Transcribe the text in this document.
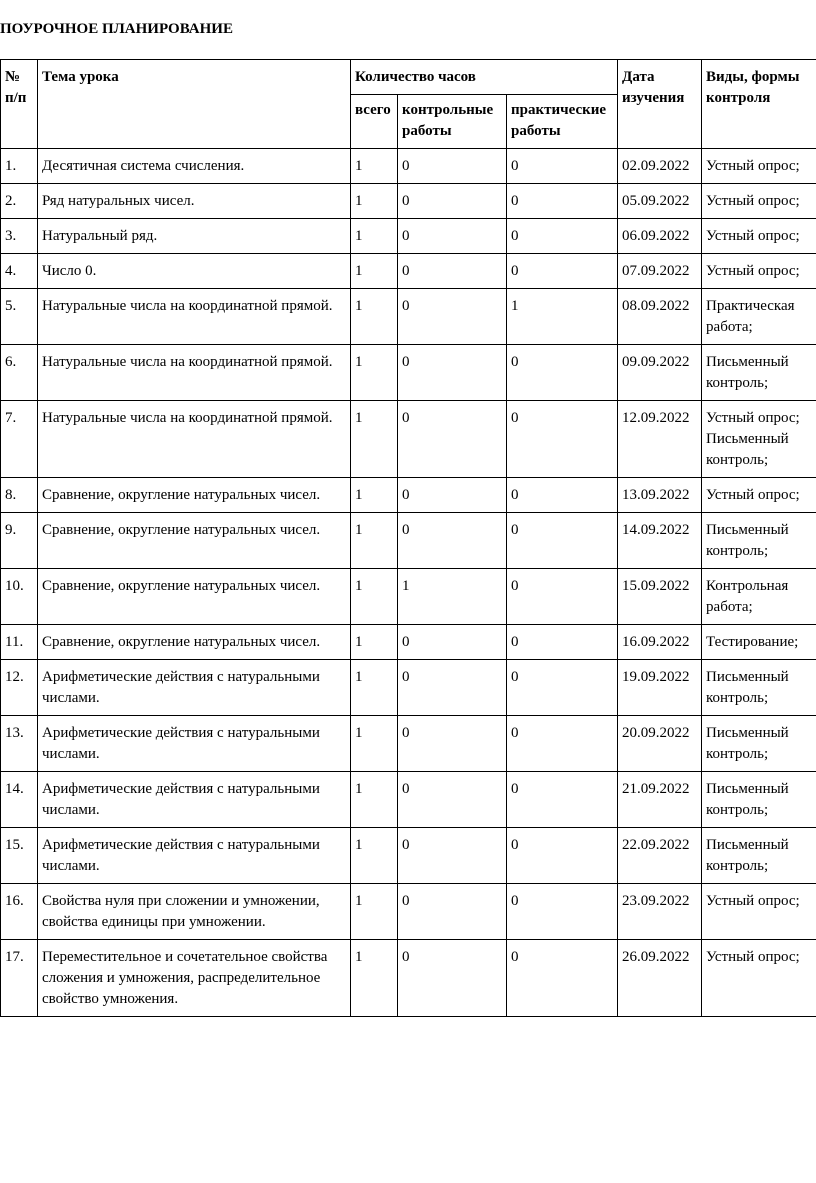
ПОУРОЧНОЕ ПЛАНИРОВАНИЕ
№ п/п	Тема урока	Количество часов			Дата изучения	Виды, формы контроля
		всего	контрольные работы	практические работы		
1.	Десятичная система счисления.	1	0	0	02.09.2022	Устный опрос;
2.	Ряд натуральных чисел.	1	0	0	05.09.2022	Устный опрос;
3.	Натуральный ряд.	1	0	0	06.09.2022	Устный опрос;
4.	Число 0.	1	0	0	07.09.2022	Устный опрос;
5.	Натуральные числа на координатной прямой.	1	0	1	08.09.2022	Практическая работа;
6.	Натуральные числа на координатной прямой.	1	0	0	09.09.2022	Письменный контроль;
7.	Натуральные числа на координатной прямой.	1	0	0	12.09.2022	Устный опрос; Письменный контроль;
8.	Сравнение, округление натуральных чисел.	1	0	0	13.09.2022	Устный опрос;
9.	Сравнение, округление натуральных чисел.	1	0	0	14.09.2022	Письменный контроль;
10.	Сравнение, округление натуральных чисел.	1	1	0	15.09.2022	Контрольная работа;
11.	Сравнение, округление натуральных чисел.	1	0	0	16.09.2022	Тестирование;
12.	Арифметические действия с натуральными числами.	1	0	0	19.09.2022	Письменный контроль;
13.	Арифметические действия с натуральными числами.	1	0	0	20.09.2022	Письменный контроль;
14.	Арифметические действия с натуральными числами.	1	0	0	21.09.2022	Письменный контроль;
15.	Арифметические действия с натуральными числами.	1	0	0	22.09.2022	Письменный контроль;
16.	Свойства нуля при сложении и умножении, свойства единицы при умножении.	1	0	0	23.09.2022	Устный опрос;
17.	Переместительное и сочетательное свойства сложения и умножения, распределительное свойство умножения.	1	0	0	26.09.2022	Устный опрос;
